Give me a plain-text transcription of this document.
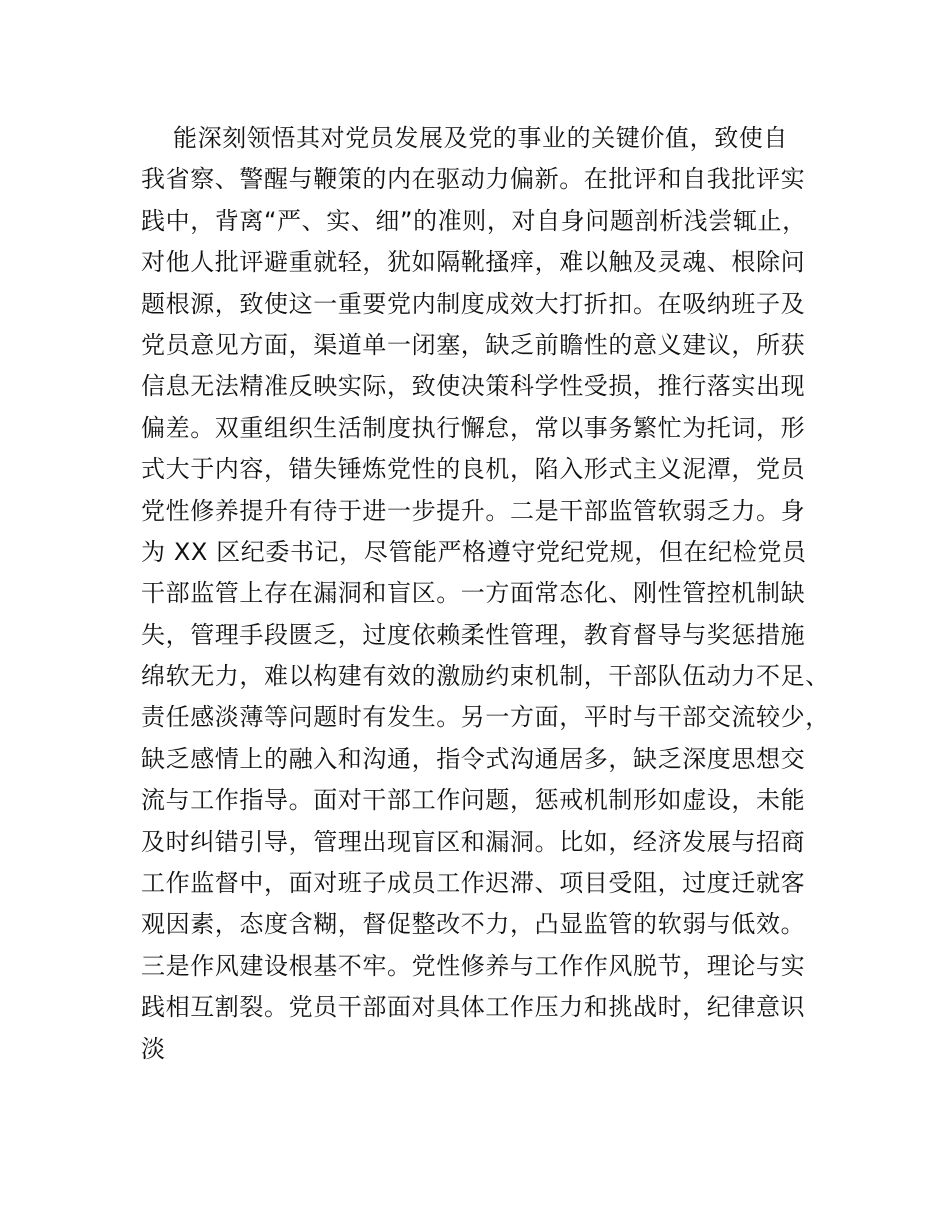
能深刻领悟其对党员发展及党的事业的关键价值，致使自
我省察、警醒与鞭策的内在驱动力偏新。在批评和自我批评实
践中，背离“严、实、细”的准则，对自身问题剖析浅尝辄止，
对他人批评避重就轻，犹如隔靴搔痒，难以触及灵魂、根除问
题根源，致使这一重要党内制度成效大打折扣。在吸纳班子及
党员意见方面，渠道单一闭塞，缺乏前瞻性的意义建议，所获
信息无法精准反映实际，致使决策科学性受损，推行落实出现
偏差。双重组织生活制度执行懈怠，常以事务繁忙为托词，形
式大于内容，错失锤炼党性的良机，陷入形式主义泥潭，党员
党性修养提升有待于进一步提升。二是干部监管软弱乏力。身
为 XX 区纪委书记，尽管能严格遵守党纪党规，但在纪检党员
干部监管上存在漏洞和盲区。一方面常态化、刚性管控机制缺
失，管理手段匮乏，过度依赖柔性管理，教育督导与奖惩措施
绵软无力，难以构建有效的激励约束机制，干部队伍动力不足、
责任感淡薄等问题时有发生。另一方面，平时与干部交流较少，
缺乏感情上的融入和沟通，指令式沟通居多，缺乏深度思想交
流与工作指导。面对干部工作问题，惩戒机制形如虚设，未能
及时纠错引导，管理出现盲区和漏洞。比如，经济发展与招商
工作监督中，面对班子成员工作迟滞、项目受阻，过度迁就客
观因素，态度含糊，督促整改不力，凸显监管的软弱与低效。
三是作风建设根基不牢。党性修养与工作作风脱节，理论与实
践相互割裂。党员干部面对具体工作压力和挑战时，纪律意识
淡
